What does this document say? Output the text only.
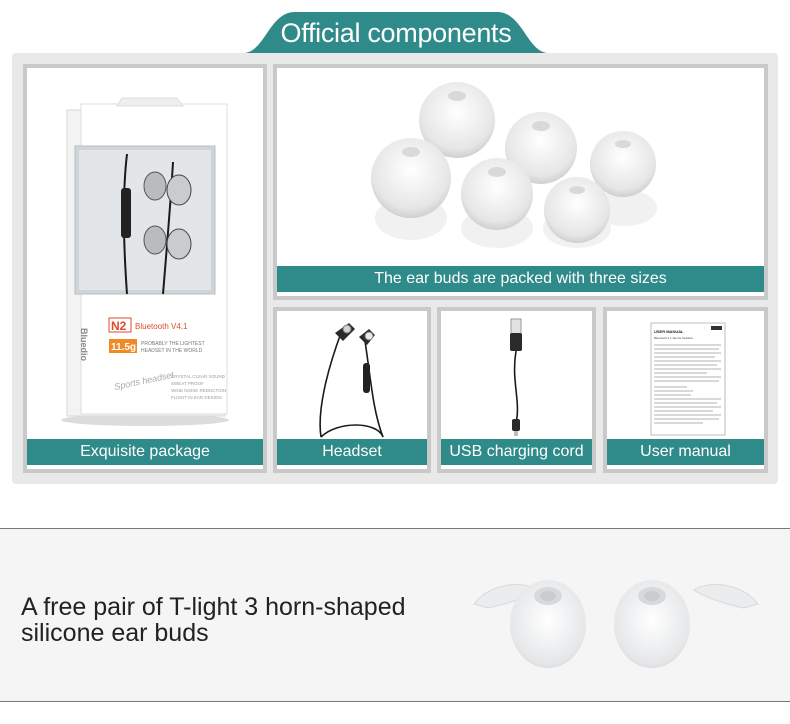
Official components
Bluedio
N2 Bluetooth V4.1
11.5g PROBABLY THE LIGHTEST
HEADSET IN THE WORLD
Sports headset
CRYSTAL CLEAR SOUND
SWEAT PROOF
WIND NOISE REDUCTION
FLIGHT IN EAR DESIGN
Exquisite package
The ear buds are packed with three sizes
Headset	USB charging cord
USER MANUAL
Bluetooth 4.1 Sports headset
User manual
A free pair of T-light 3 horn-shaped
silicone ear buds
